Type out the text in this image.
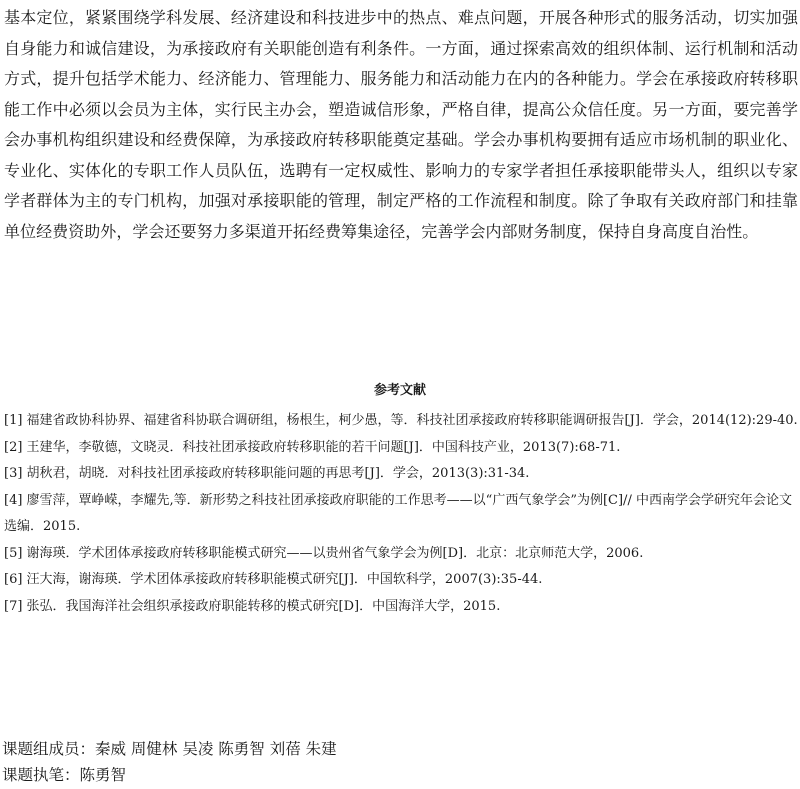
基本定位，紧紧围绕学科发展、经济建设和科技进步中的热点、难点问题，开展各种形式的服务活动，切实加强自身能力和诚信建设，为承接政府有关职能创造有利条件。一方面，通过探索高效的组织体制、运行机制和活动方式，提升包括学术能力、经济能力、管理能力、服务能力和活动能力在内的各种能力。学会在承接政府转移职能工作中必须以会员为主体，实行民主办会，塑造诚信形象，严格自律，提高公众信任度。另一方面，要完善学会办事机构组织建设和经费保障，为承接政府转移职能奠定基础。学会办事机构要拥有适应市场机制的职业化、专业化、实体化的专职工作人员队伍，选聘有一定权威性、影响力的专家学者担任承接职能带头人，组织以专家学者群体为主的专门机构，加强对承接职能的管理，制定严格的工作流程和制度。除了争取有关政府部门和挂靠单位经费资助外，学会还要努力多渠道开拓经费筹集途径，完善学会内部财务制度，保持自身高度自治性。

参考文献
[1] 福建省政协科协界、福建省科协联合调研组，杨根生，柯少愚，等．科技社团承接政府转移职能调研报告[J]．学会，2014(12):29-40.
[2] 王建华，李敬德，文晓灵．科技社团承接政府转移职能的若干问题[J]．中国科技产业，2013(7):68-71.
[3] 胡秋君，胡晓．对科技社团承接政府转移职能问题的再思考[J]．学会，2013(3):31-34.
[4] 廖雪萍，覃峥嵘，李耀先,等．新形势之科技社团承接政府职能的工作思考——以“广西气象学会”为例[C]// 中西南学会学研究年会论文选编．2015.
[5] 谢海瑛．学术团体承接政府转移职能模式研究——以贵州省气象学会为例[D]．北京：北京师范大学，2006.
[6] 汪大海，谢海瑛．学术团体承接政府转移职能模式研究[J]．中国软科学，2007(3):35-44.
[7] 张弘．我国海洋社会组织承接政府职能转移的模式研究[D]．中国海洋大学，2015.
课题组成员：秦威 周健林 吴凌 陈勇智 刘蓓 朱建
课题执笔：陈勇智
